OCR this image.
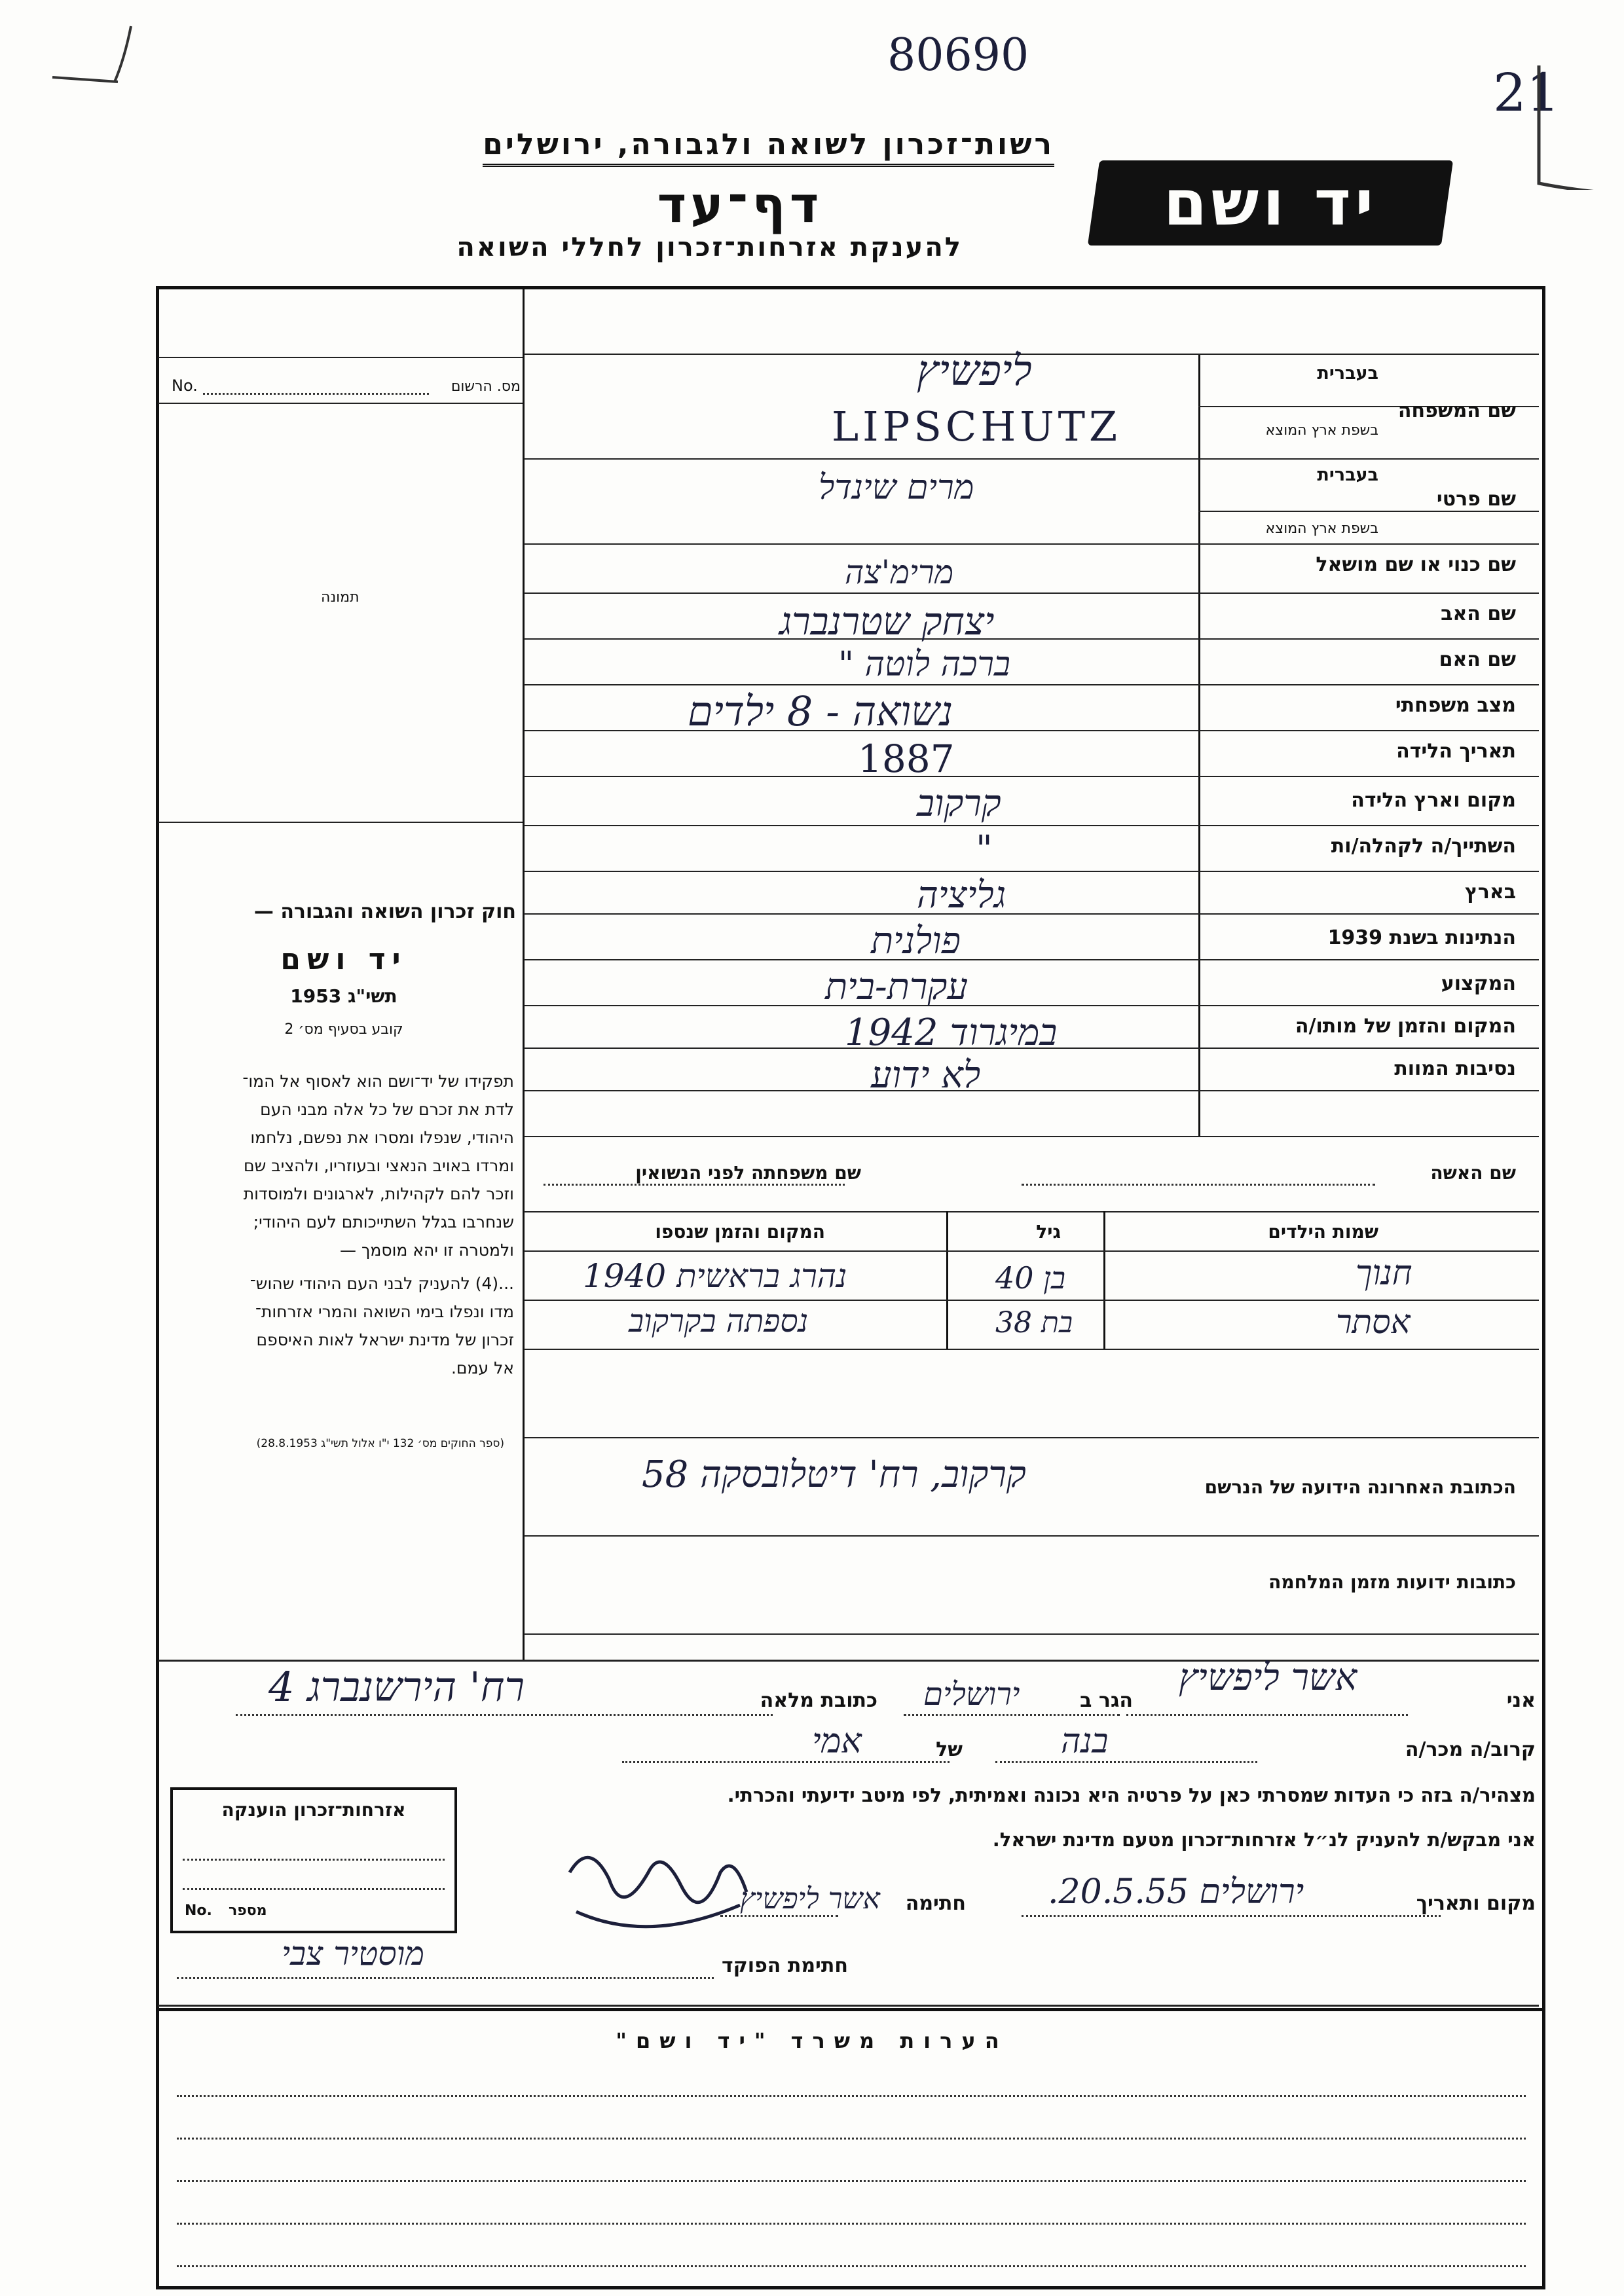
80690
21
רשות־זכרון לשואה ולגבורה, ירושלים
דף־עד
להענקת אזרחות־זכרון לחללי השואה
יד ושם
מס. הרשום
No.
תמונה
חוק זכרון השואה והגבורה —
יד ושם
תשי"ג 1953
קובע בסעיף מס׳ 2
תפקידו של יד־ושם הוא לאסוף אל המו־
לדת את זכרם של כל אלה מבני העם
היהודי, שנפלו ומסרו את נפשם, נלחמו
ומרדו באויב הנאצי ובעוזריו, ולהציב שם
וזכר להם לקהילות, לארגונים ולמוסדות
שנחרבו בגלל השתייכותם לעם היהודי;
ולמטרה זו יהא מוסמך —
...(4) להעניק לבני העם היהודי שהוש־
מדו ונפלו בימי השואה והמרי אזרחות־
זכרון של מדינת ישראל לאות האיספם
אל עמם.
(ספר החוקים מס׳ 132 י"ו אלול תשי"ג 28.8.1953)
שם המשפחה
בעברית
בשפת ארץ המוצא
שם פרטי
בעברית
בשפת ארץ המוצא
שם כנוי או שם מושאל
שם האב
שם האם
מצב משפחתי
תאריך הלידה
מקום וארץ הלידה
השתייך/ה לקהלה/ות
בארץ
הנתינות בשנת 1939
המקצוע
המקום והזמן של מותו/ה
נסיבות המוות
ליפשיץ
LIPSCHUTZ
מרים שינדל
מרימ'צה
יצחק שטרנברג
ברכה לוטה "
נשואה - 8 ילדים
1887
קרקוב
"
גליציה
פולנית
עקרת-בית
במיגרוד 1942
לא ידוע
שם האשה
שם משפחתה לפני הנשואין
שמות הילדים
גיל
המקום והזמן שנספו
חנוך
בן 40
נהרג בראשית 1940
אסתר
בת 38
נספתה בקרקוב
הכתובת האחרונה הידועה של הנרשם
קרקוב, רח' דיטלובסקה 58
כתובות ידועות מזמן המלחמה
אני
אשר ליפשיץ
הגר ב
ירושלים
כתובת מלאה
רח' הירשנברג 4
קרוב/ה מכר/ה
בנה
של
אמי
מצהיר/ה בזה כי העדות שמסרתי כאן על פרטיה היא נכונה ואמיתית, לפי מיטב ידיעתי והכרתי.
אני מבקש/ת להעניק לנ״ל אזרחות־זכרון מטעם מדינת ישראל.
מקום ותאריך
ירושלים 20.5.55.
חתימה
אשר ליפשיץ
חתימת הפוקד
מוסטיר צבי
אזרחות־זכרון הוענקה
No. מספר
הערות משרד "יד ושם"
